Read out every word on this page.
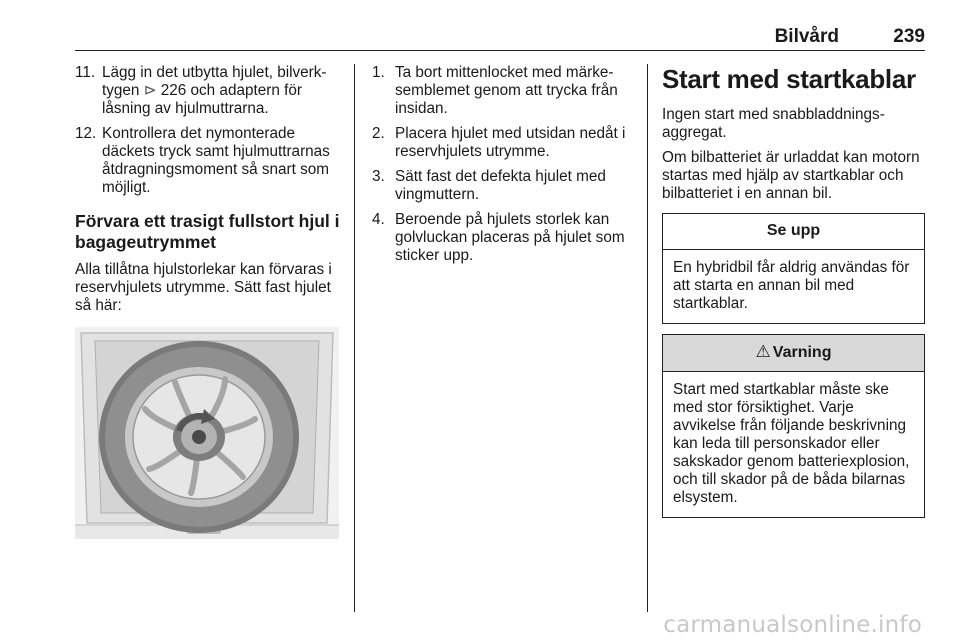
Bilvård	239
11. Lägg in det utbytta hjulet, bilverktygen ⊳ 226 och adaptern för låsning av hjulmuttrarna.
12. Kontrollera det nymonterade däckets tryck samt hjulmuttrarnas åtdragningsmoment så snart som möjligt.
Förvara ett trasigt fullstort hjul i bagageutrymmet

Alla tillåtna hjulstorlekar kan förvaras i reservhjulets utrymme. Sätt fast hjulet så här:

1. Ta bort mittenlocket med märkesemblemet genom att trycka från insidan.
2. Placera hjulet med utsidan nedåt i reservhjulets utrymme.
3. Sätt fast det defekta hjulet med vingmuttern.
4. Beroende på hjulets storlek kan golvluckan placeras på hjulet som sticker upp.
Start med startkablar

Ingen start med snabbladdningsaggregat.

Om bilbatteriet är urladdat kan motorn startas med hjälp av startkablar och bilbatteriet i en annan bil.

Se upp
En hybridbil får aldrig användas för att starta en annan bil med startkablar.
⚠ Varning
Start med startkablar måste ske med stor försiktighet. Varje avvikelse från följande beskrivning kan leda till personskador eller sakskador genom batteriexplosion, och till skador på de båda bilarnas elsystem.
carmanualsonline.info
